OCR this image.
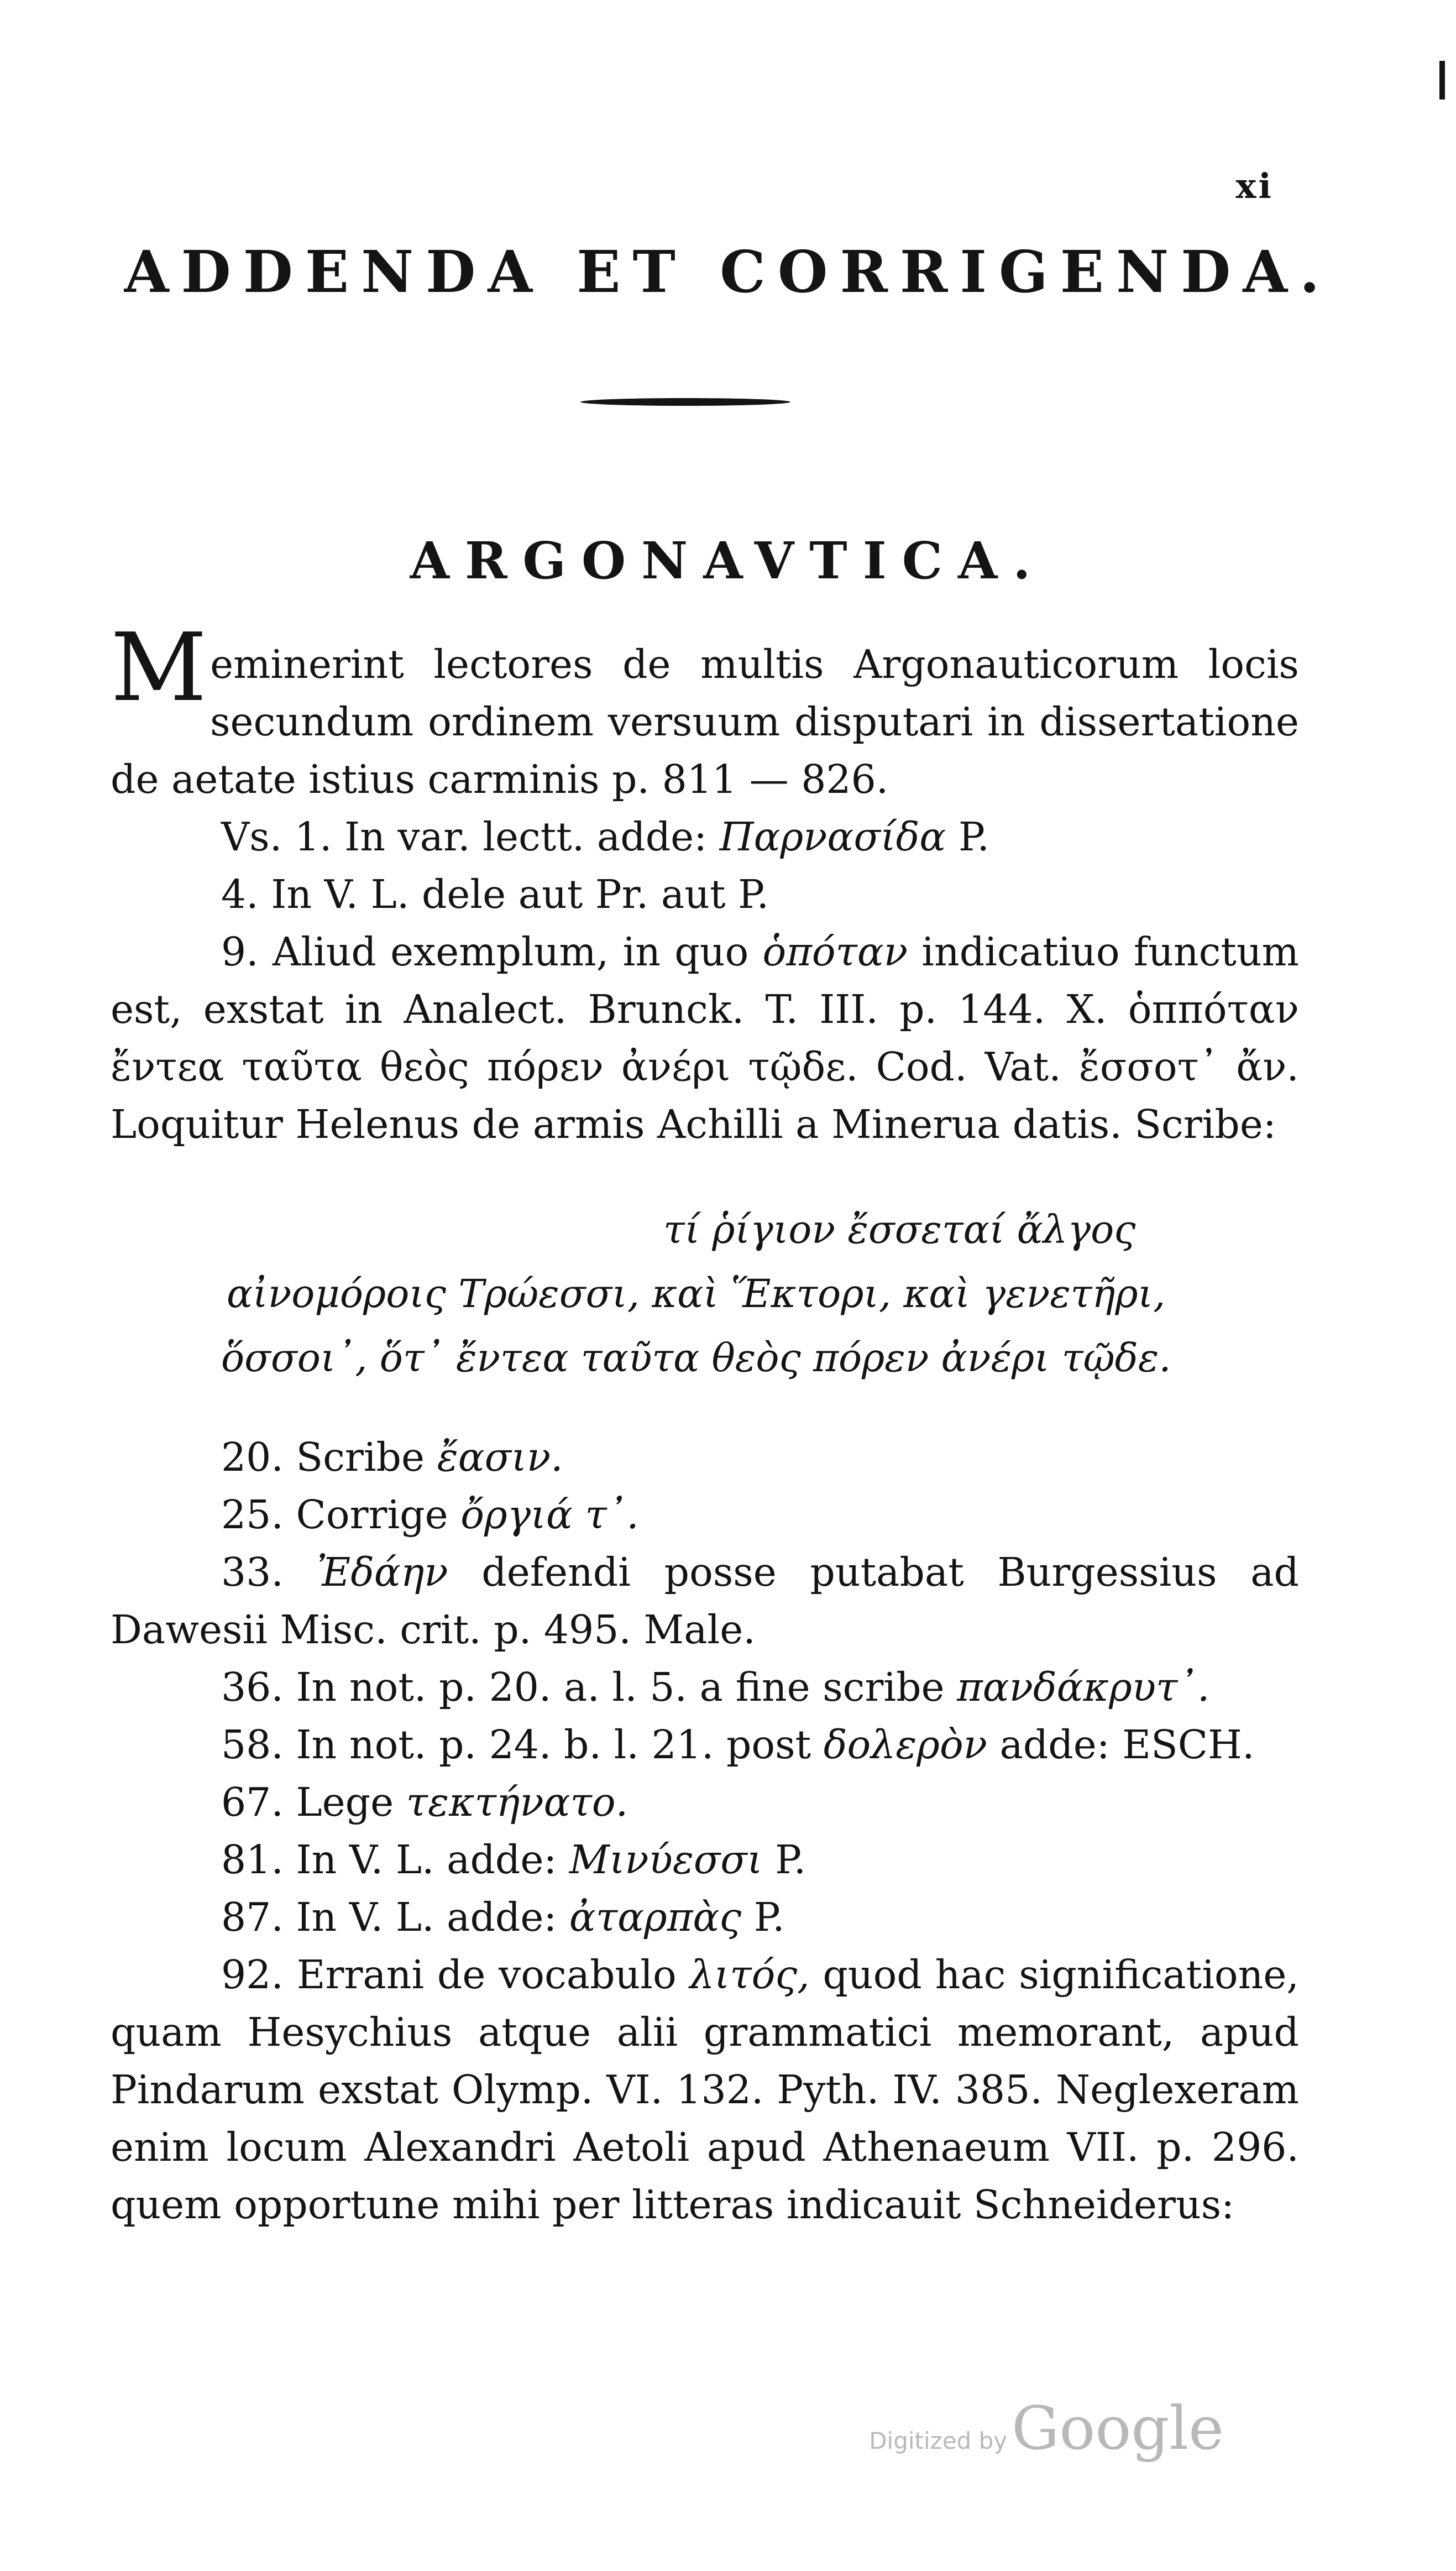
xi
ADDENDA ET CORRIGENDA.
ARGONAVTICA.

Meminerint lectores de multis Argonauticorum locis secundum ordinem versuum disputari in dissertatione de aetate istius carminis p. 811 — 826.

Vs. 1. In var. lectt. adde: Παρνασίδα P.

4. In V. L. dele aut Pr. aut P.

9. Aliud exemplum, in quo ὁπόταν indicatiuo functum est, exstat in Analect. Brunck. T. III. p. 144. X. ὁππόταν ἔντεα ταῦτα θεὸς πόρεν ἀνέρι τῷδε. Cod. Vat. ἔσσοτ᾽ ἄν. Loquitur Helenus de armis Achilli a Minerua datis. Scribe:

τί ῥίγιον ἔσσεταί ἄλγος
αἰνομόροις Τρώεσσι, καὶ Ἕκτορι, καὶ γενετῆρι,
ὅσσοι᾽, ὅτ᾽ ἔντεα ταῦτα θεὸς πόρεν ἀνέρι τῷδε.

20. Scribe ἔασιν.

25. Corrige ὄργιά τ᾽.

33. Ἐδάην defendi posse putabat Burgessius ad Dawesii Misc. crit. p. 495. Male.

36. In not. p. 20. a. l. 5. a fine scribe πανδάκρυτ᾽.

58. In not. p. 24. b. l. 21. post δολερὸν adde: ESCH.

67. Lege τεκτήνατο.

81. In V. L. adde: Μινύεσσι P.

87. In V. L. adde: ἀταρπὰς P.

92. Errani de vocabulo λιτός, quod hac significatione, quam Hesychius atque alii grammatici memorant, apud Pindarum exstat Olymp. VI. 132. Pyth. IV. 385. Neglexeram enim locum Alexandri Aetoli apud Athenaeum VII. p. 296. quem opportune mihi per litteras indicauit Schneiderus:

Digitized byGoogle
